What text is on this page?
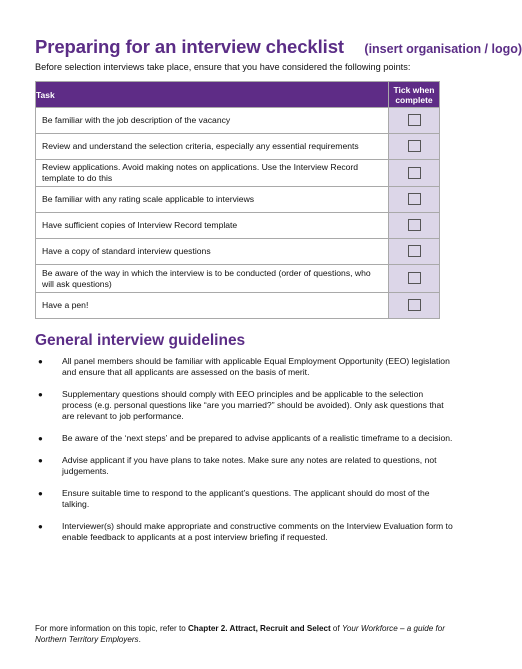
Preparing for an interview checklist (insert organisation / logo)
Before selection interviews take place, ensure that you have considered the following points:
Task	Tick when
complete
Be familiar with the job description of the vacancy	
Review and understand the selection criteria, especially any essential requirements	
Review applications. Avoid making notes on applications. Use the Interview Record template to do this	
Be familiar with any rating scale applicable to interviews	
Have sufficient copies of Interview Record template	
Have a copy of standard interview questions	
Be aware of the way in which the interview is to be conducted (order of questions, who will ask questions)	
Have a pen!	
General interview guidelines
● All panel members should be familiar with applicable Equal Employment Opportunity (EEO) legislation and ensure that all applicants are assessed on the basis of merit.
● Supplementary questions should comply with EEO principles and be applicable to the selection process (e.g. personal questions like “are you married?” should be avoided). Only ask questions that are relevant to job performance.
● Be aware of the ‘next steps’ and be prepared to advise applicants of a realistic timeframe to a decision.
● Advise applicant if you have plans to take notes. Make sure any notes are related to questions, not judgements.
● Ensure suitable time to respond to the applicant’s questions. The applicant should do most of the talking.
● Interviewer(s) should make appropriate and constructive comments on the Interview Evaluation form to enable feedback to applicants at a post interview briefing if requested.
For more information on this topic, refer to Chapter 2. Attract, Recruit and Select of Your Workforce – a guide for Northern Territory Employers.
